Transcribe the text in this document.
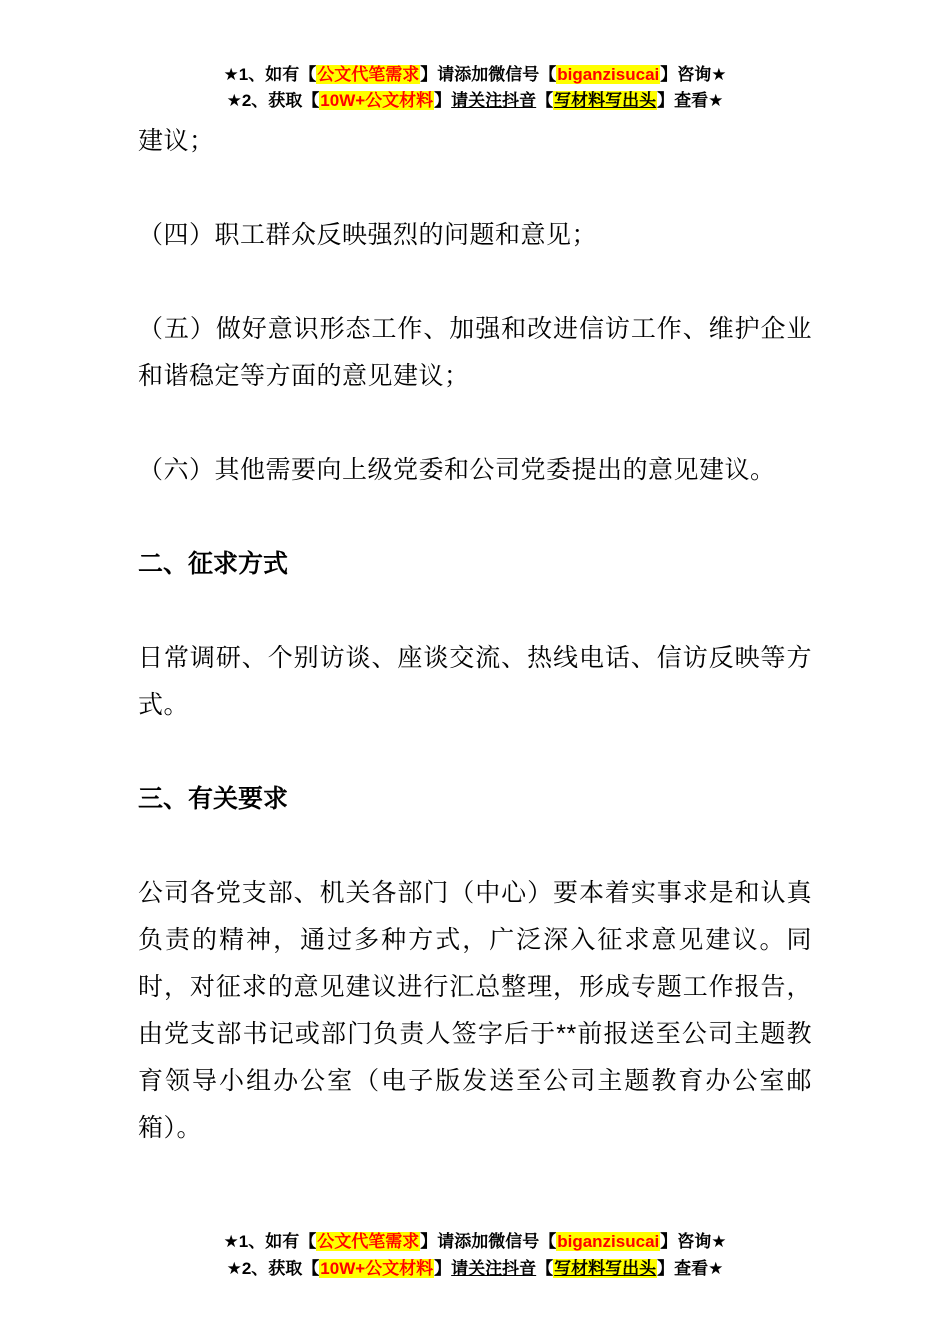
★1、如有【公文代笔需求】请添加微信号【biganzisucai】咨询★
★2、获取【10W+公文材料】请关注抖音【写材料写出头】查看★

建议；

（四）职工群众反映强烈的问题和意见；

（五）做好意识形态工作、加强和改进信访工作、维护企业和谐稳定等方面的意见建议；

（六）其他需要向上级党委和公司党委提出的意见建议。

二、征求方式

日常调研、个别访谈、座谈交流、热线电话、信访反映等方式。

三、有关要求

公司各党支部、机关各部门（中心）要本着实事求是和认真负责的精神，通过多种方式，广泛深入征求意见建议。同时，对征求的意见建议进行汇总整理，形成专题工作报告，由党支部书记或部门负责人签字后于**前报送至公司主题教育领导小组办公室（电子版发送至公司主题教育办公室邮箱）。

★1、如有【公文代笔需求】请添加微信号【biganzisucai】咨询★
★2、获取【10W+公文材料】请关注抖音【写材料写出头】查看★
